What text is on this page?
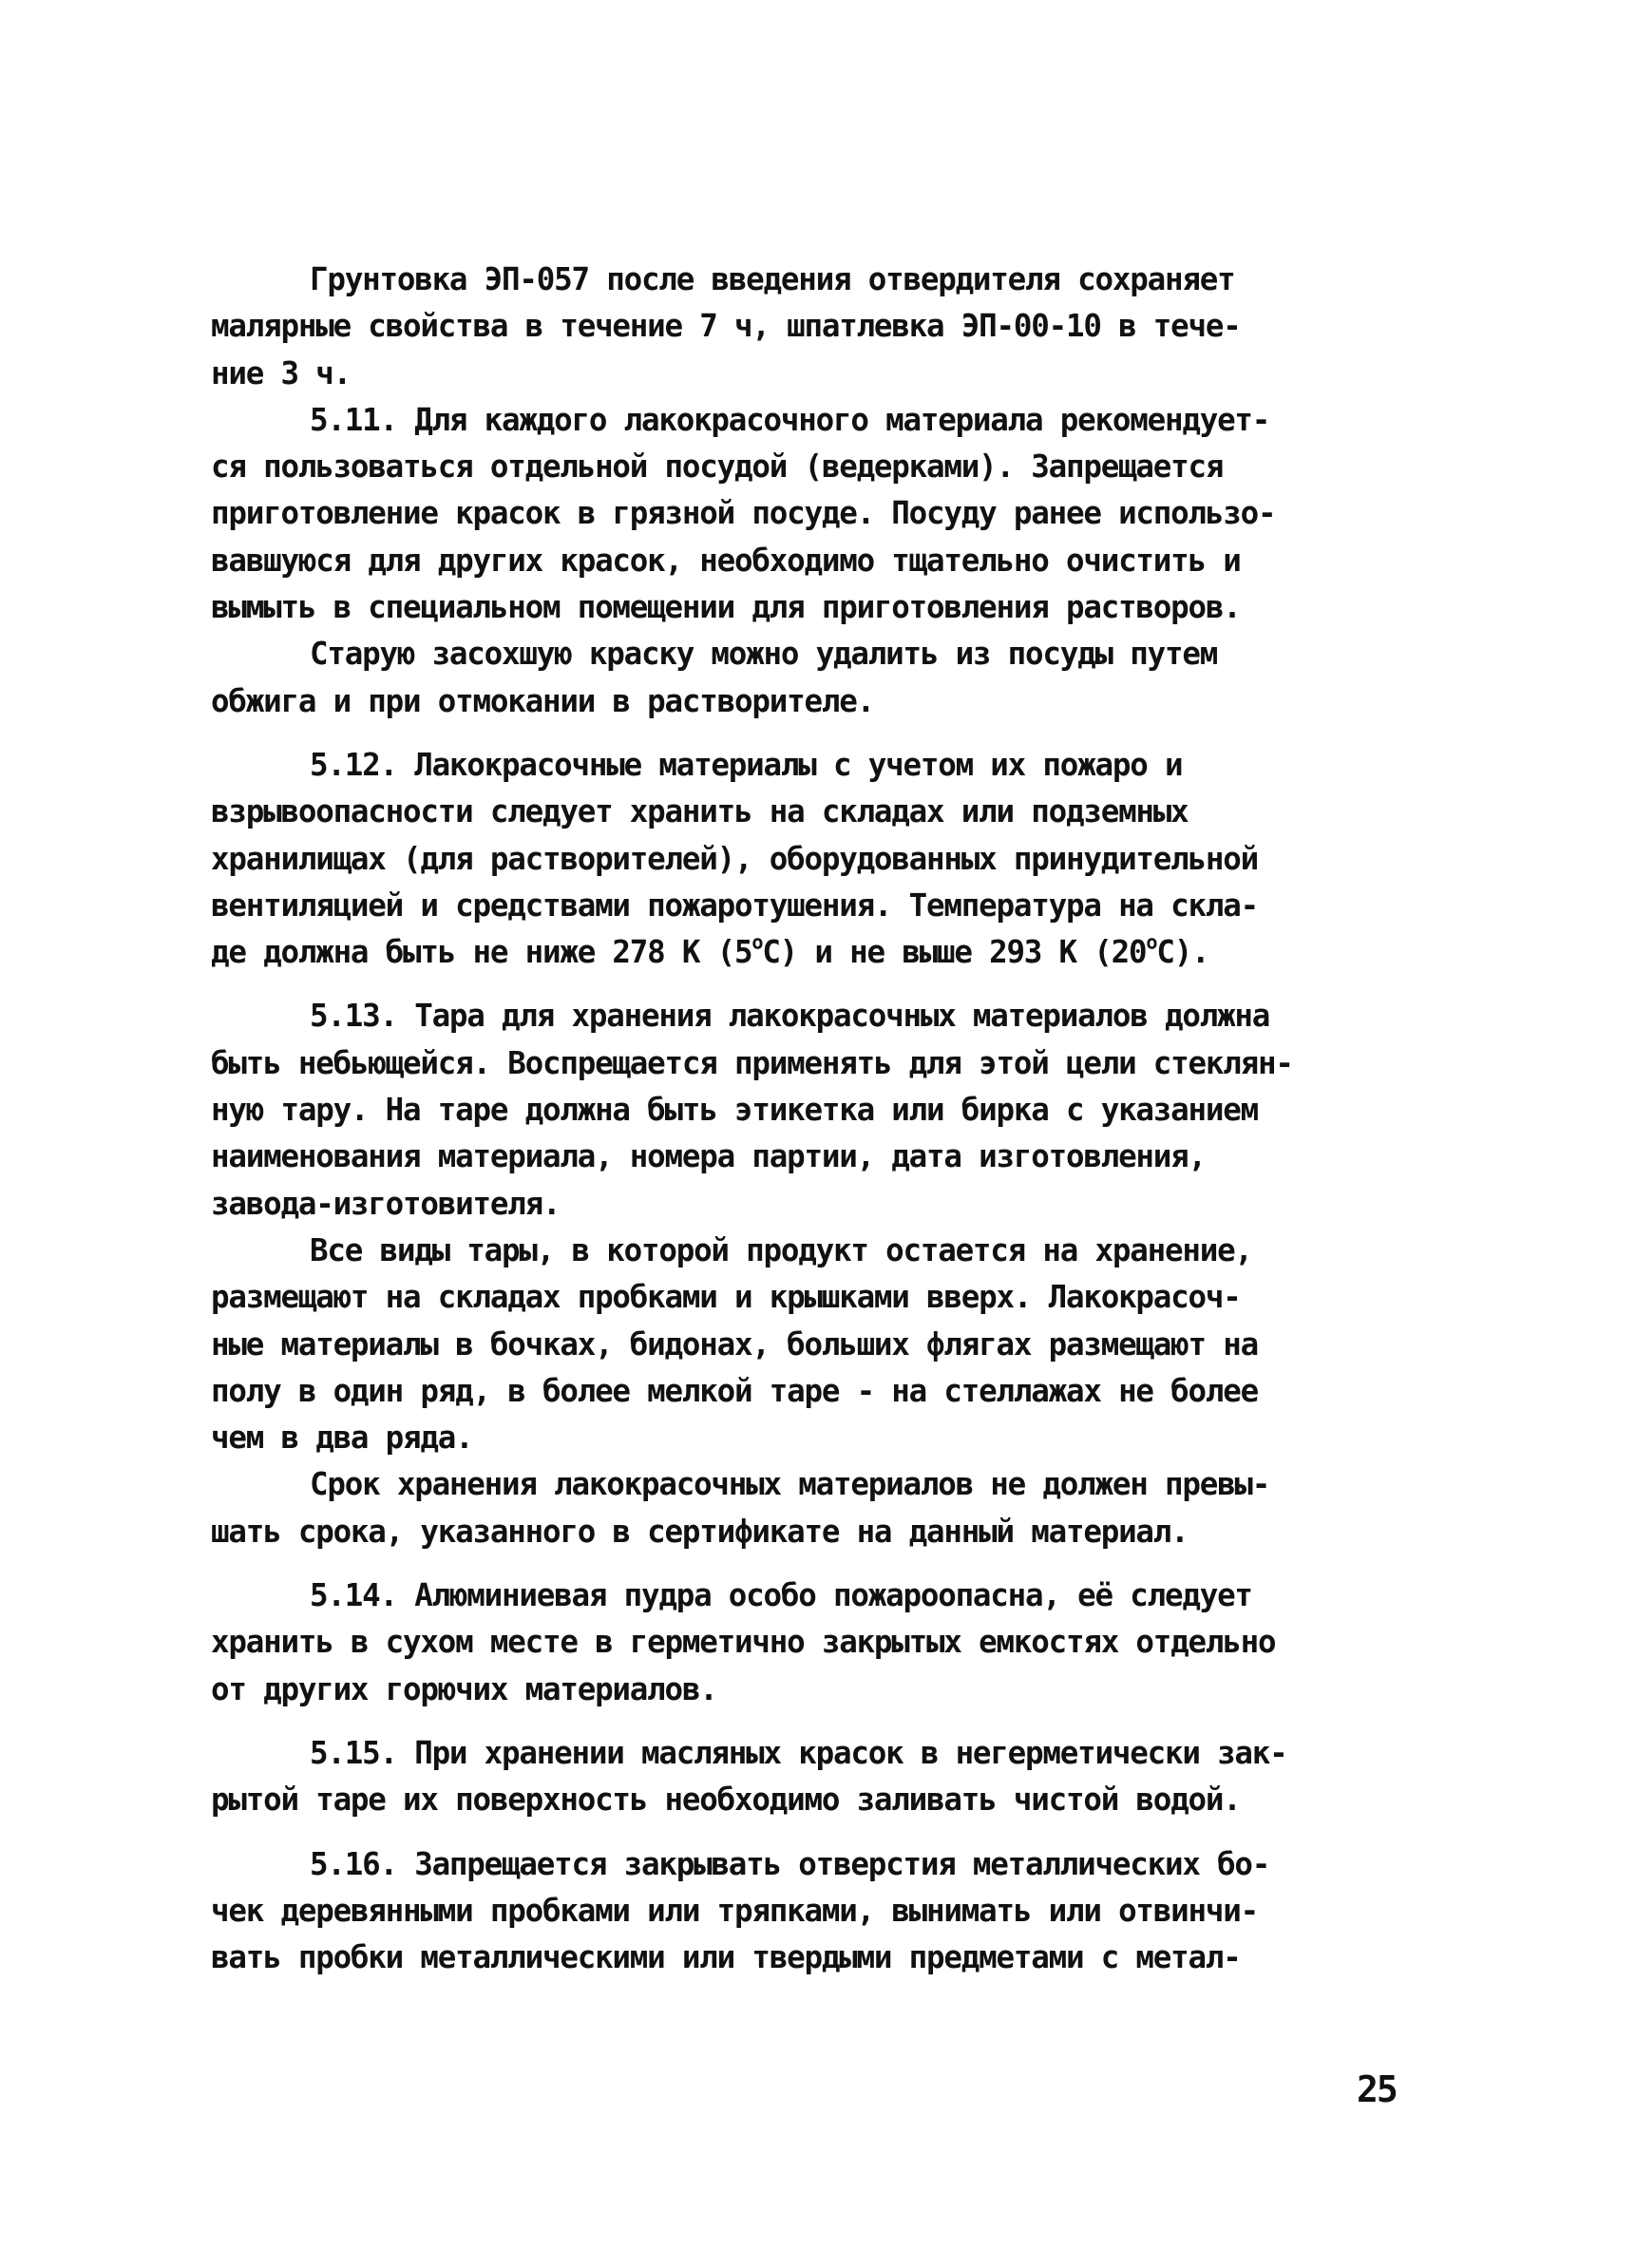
Грунтовка ЭП-057 после введения отвердителя сохраняет
малярные свойства в течение 7 ч, шпатлевка ЭП-00-10 в тече-
ние 3 ч.
5.11. Для каждого лакокрасочного материала рекомендует-
ся пользоваться отдельной посудой (ведерками). Запрещается
приготовление красок в грязной посуде. Посуду ранее использо-
вавшуюся для других красок, необходимо тщательно очистить и
вымыть в специальном помещении для приготовления растворов.
Старую засохшую краску можно удалить из посуды путем
обжига и при отмокании в растворителе.
5.12. Лакокрасочные материалы с учетом их пожаро и
взрывоопасности следует хранить на складах или подземных
хранилищах (для растворителей), оборудованных принудительной
вентиляцией и средствами пожаротушения. Температура на скла-
де должна быть не ниже 278 К $(5^оС)$ и не выше 293 К $(20^оС)$.
5.13. Тара для хранения лакокрасочных материалов должна
быть небьющейся. Воспрещается применять для этой цели стеклян-
ную тару. На таре должна быть этикетка или бирка с указанием
наименования материала, номера партии, дата изготовления,
завода-изготовителя.
Все виды тары, в которой продукт остается на хранение,
размещают на складах пробками и крышками вверх. Лакокрасоч-
ные материалы в бочках, бидонах, больших флягах размещают на
полу в один ряд, в более мелкой таре - на стеллажах не более
чем в два ряда.
Срок хранения лакокрасочных материалов не должен превы-
шать срока, указанного в сертификате на данный материал.
5.14. Алюминиевая пудра особо пожароопасна, её следует
хранить в сухом месте в герметично закрытых емкостях отдельно
от других горючих материалов.
5.15. При хранении масляных красок в негерметически зак-
рытой таре их поверхность необходимо заливать чистой водой.
5.16. Запрещается закрывать отверстия металлических бо-
чек деревянными пробками или тряпками, вынимать или отвинчи-
вать пробки металлическими или твердыми предметами с метал-
25
